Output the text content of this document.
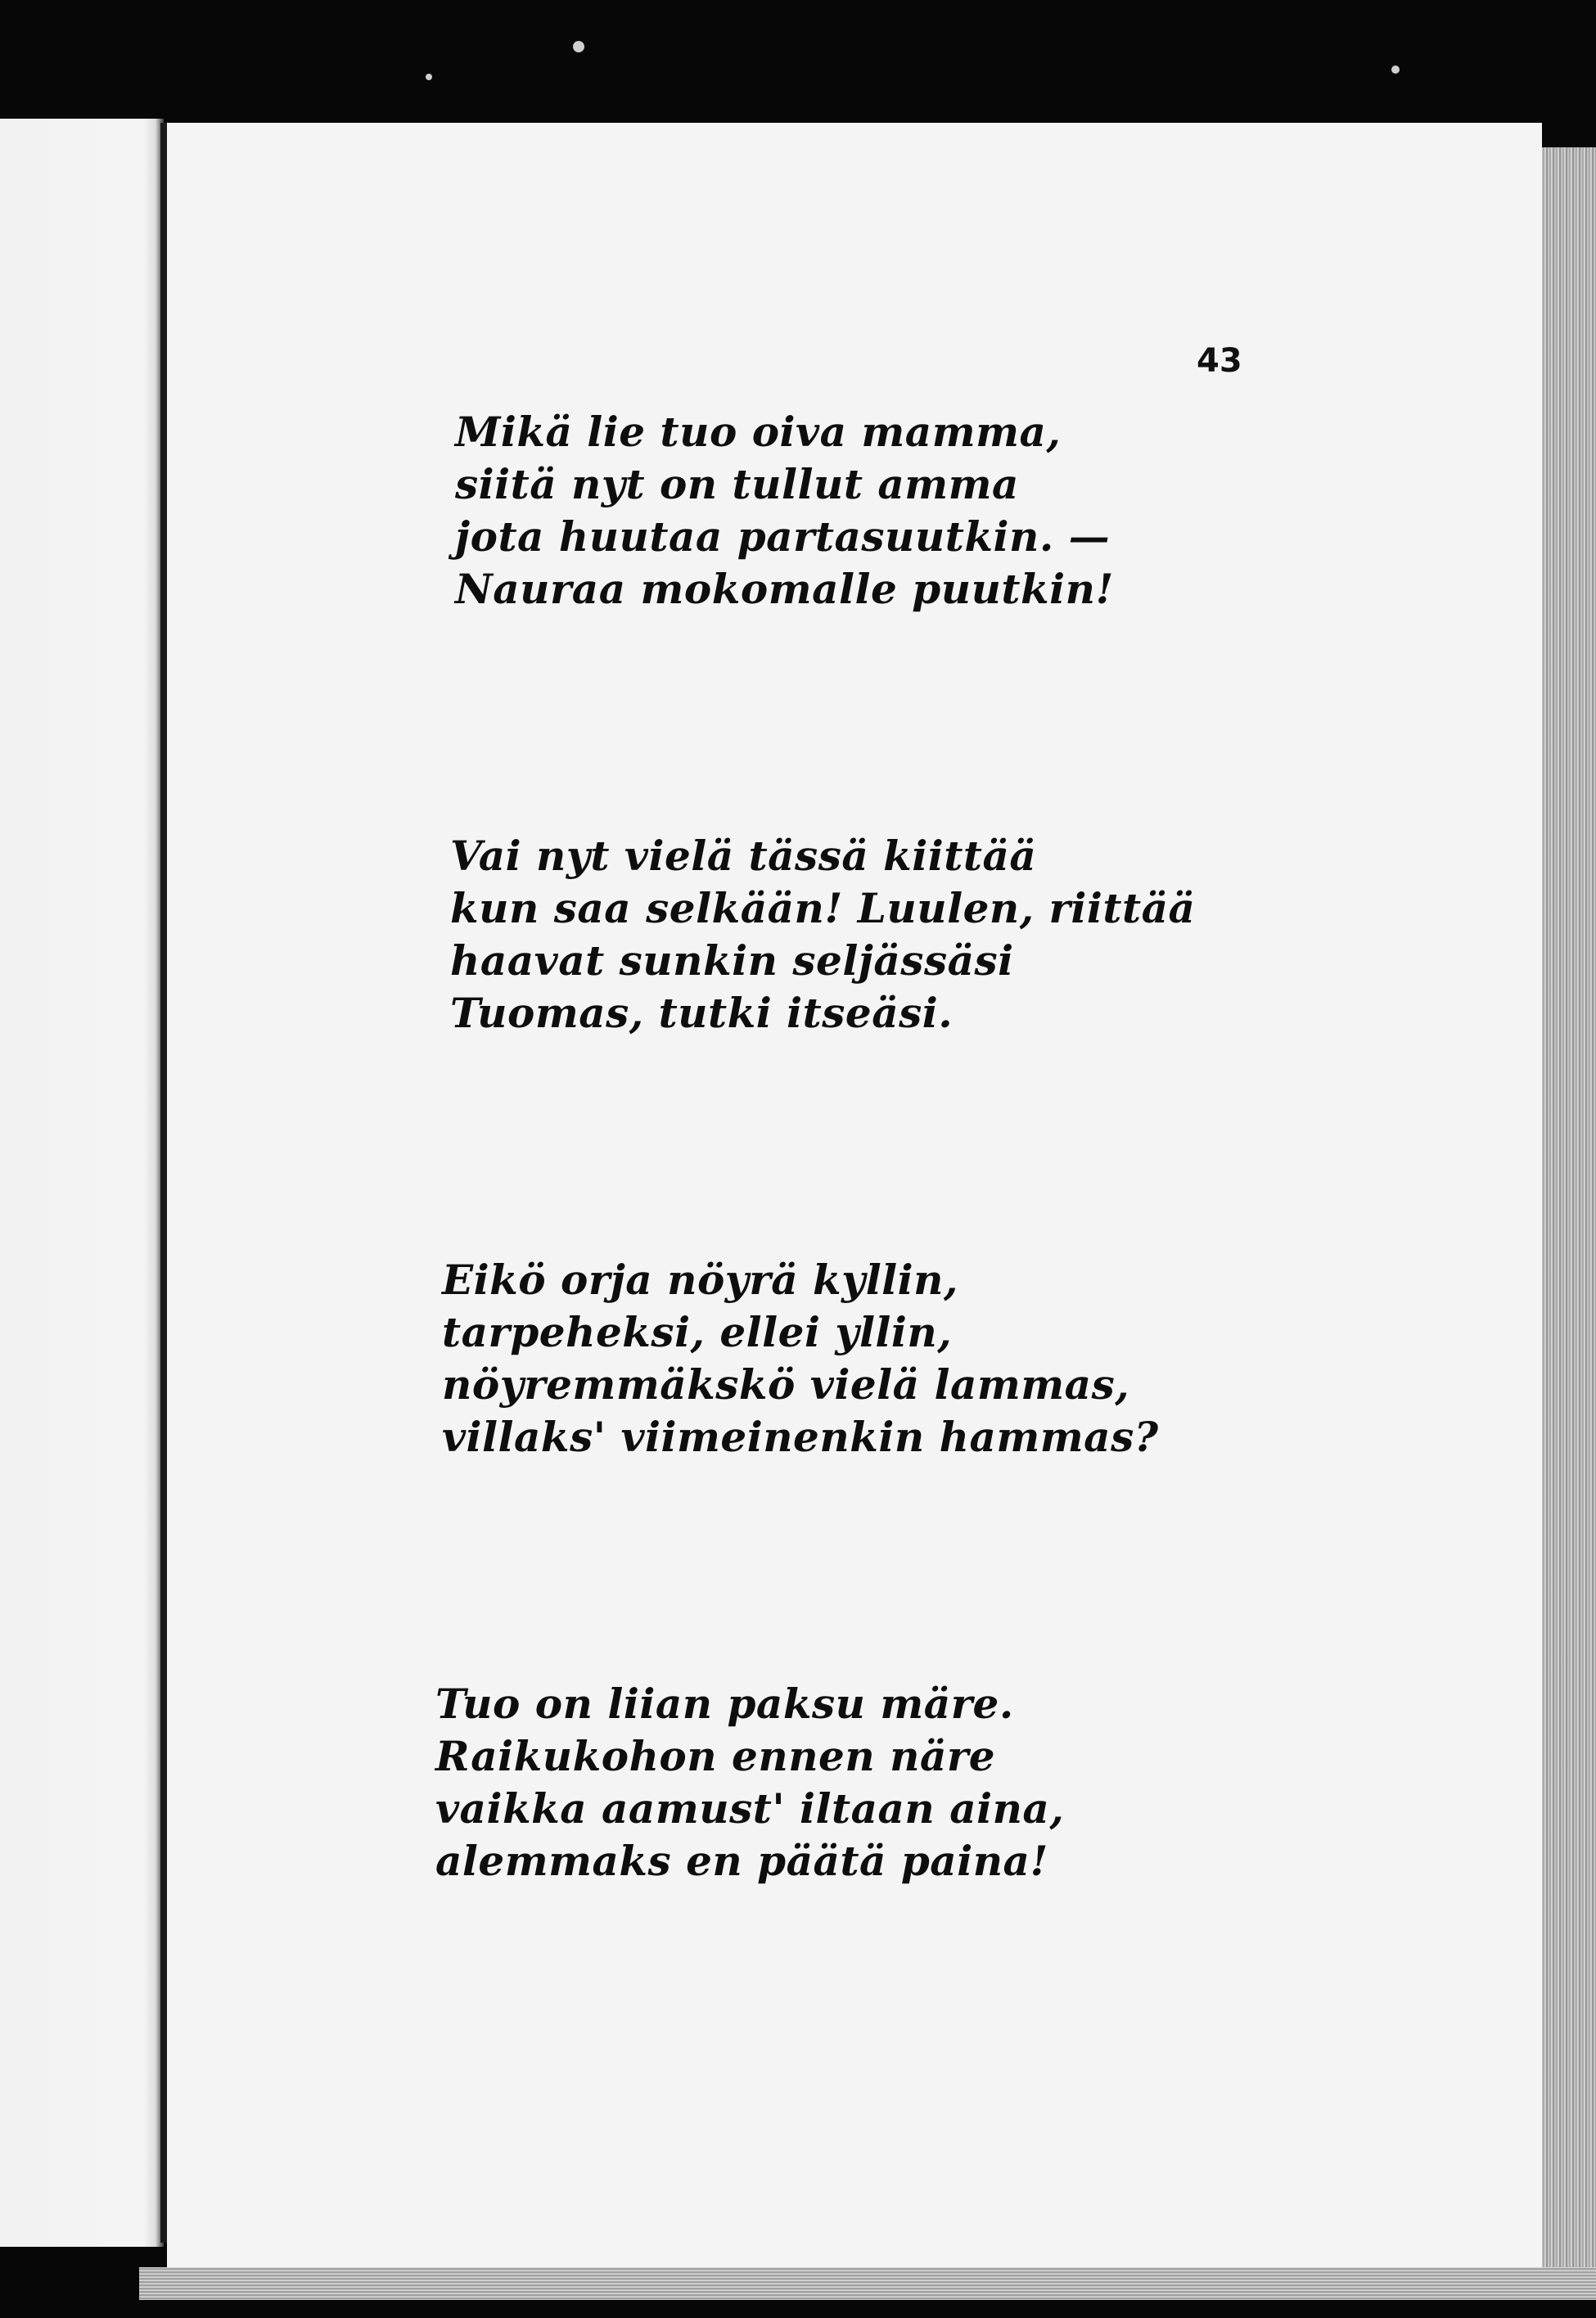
43
Mikä lie tuo oiva mamma,
siitä nyt on tullut amma
jota huutaa partasuutkin. —
Nauraa mokomalle puutkin!
Vai nyt vielä tässä kiittää
kun saa selkään! Luulen, riittää
haavat sunkin seljässäsi
Tuomas, tutki itseäsi.
Eikö orja nöyrä kyllin,
tarpeheksi, ellei yllin,
nöyremmäkskö vielä lammas,
villaks' viimeinenkin hammas?
Tuo on liian paksu märe.
Raikukohon ennen näre
vaikka aamust' iltaan aina,
alemmaks en päätä paina!
